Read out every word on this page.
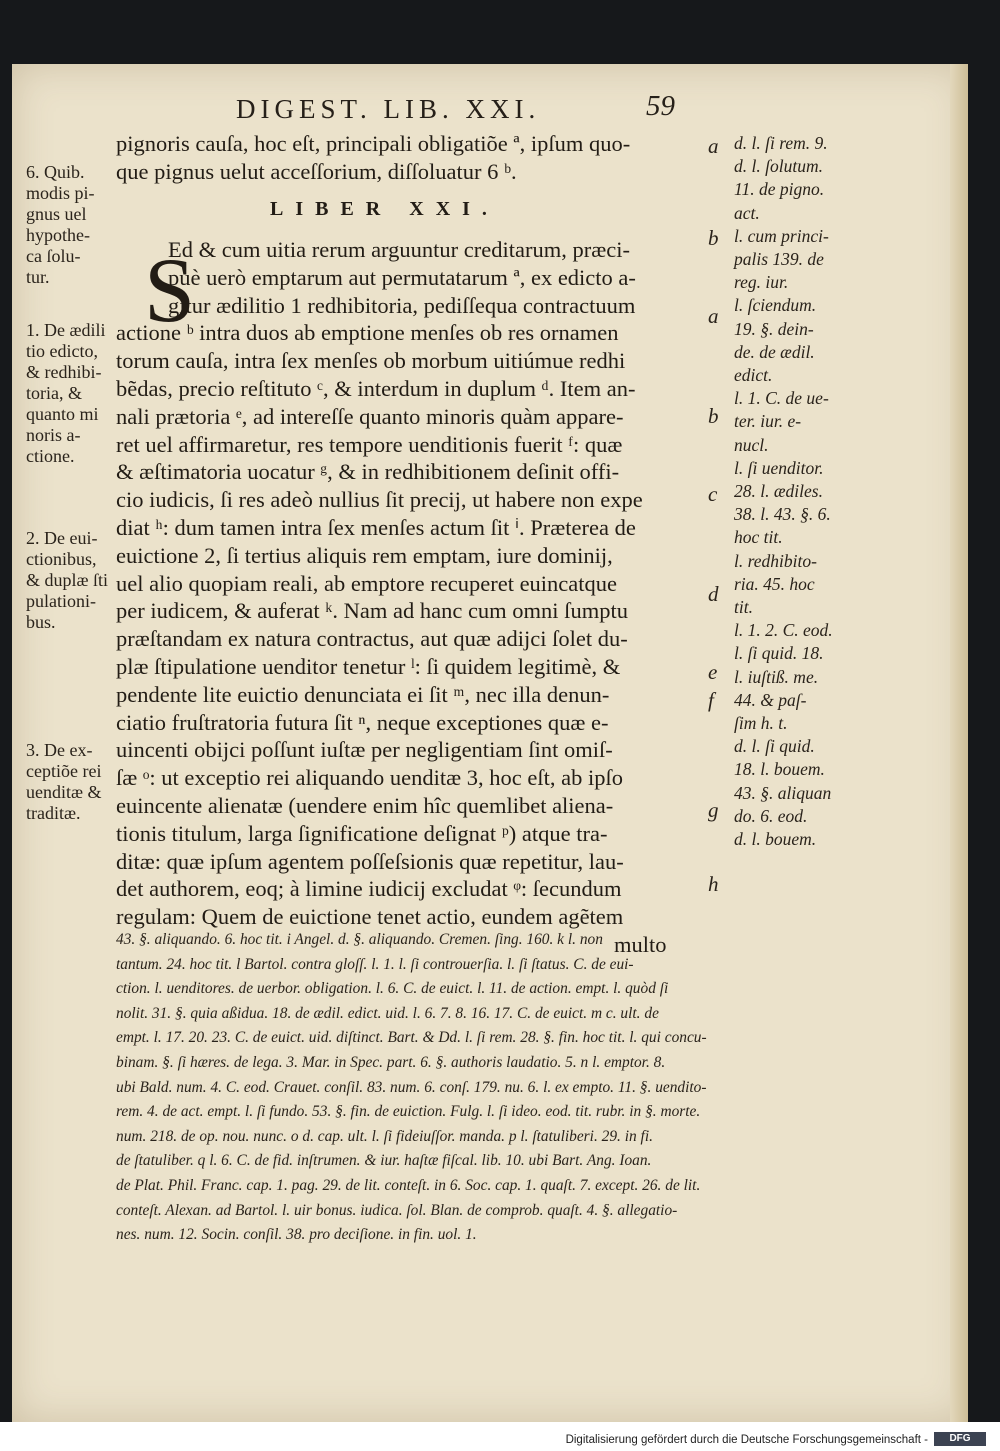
DIGEST. LIB. XXI.	59
pignoris cauſa, hoc eſt, principali obligatiõe ª, ipſum quo-
que pignus uelut acceſſorium, diſſoluatur 6 ᵇ.
LIBER XXI.
S
Ed & cum uitia rerum arguuntur creditarum, præci-
puè uerò emptarum aut permutatarum ª, ex edicto a-
gitur ædilitio 1 redhibitoria, pediſſequa contractuum
actione ᵇ intra duos ab emptione menſes ob res ornamen
torum cauſa, intra ſex menſes ob morbum uitiúmue redhi
bẽdas, precio reſtituto ᶜ, & interdum in duplum ᵈ. Item an-
nali prætoria ᵉ, ad intereſſe quanto minoris quàm appare-
ret uel affirmaretur, res tempore uenditionis fuerit ᶠ: quæ
& æſtimatoria uocatur ᵍ, & in redhibitionem deſinit offi-
cio iudicis, ſi res adeò nullius ſit precij, ut habere non expe
diat ʰ: dum tamen intra ſex menſes actum ſit ⁱ. Præterea de
euictione 2, ſi tertius aliquis rem emptam, iure dominij,
uel alio quopiam reali, ab emptore recuperet euincatque
per iudicem, & auferat ᵏ. Nam ad hanc cum omni ſumptu
præſtandam ex natura contractus, aut quæ adijci ſolet du-
plæ ſtipulatione uenditor tenetur ˡ: ſi quidem legitimè, &
pendente lite euictio denunciata ei ſit ᵐ, nec illa denun-
ciatio fruſtratoria futura ſit ⁿ, neque exceptiones quæ e-
uincenti obijci poſſunt iuſtæ per negligentiam ſint omiſ-
ſæ ᵒ: ut exceptio rei aliquando uenditæ 3, hoc eſt, ab ipſo
euincente alienatæ (uendere enim hîc quemlibet aliena-
tionis titulum, larga ſignificatione deſignat ᵖ) atque tra-
ditæ: quæ ipſum agentem poſſeſsionis quæ repetitur, lau-
det authorem, eoq; à limine iudicij excludat ᵠ: ſecundum
regulam: Quem de euictione tenet actio, eundem agẽtem
multo
6. Quib.
modis pi-
gnus uel
hypothe-
ca ſolu-
tur.
1. De ædili
tio edicto,
& redhibi-
toria, &
quanto mi
noris a-
ctione.
2. De eui-
ctionibus,
& duplæ ſti
pulationi-
bus.
3. De ex-
ceptiõe rei
uenditæ &
traditæ.
a
b
a
b
c
d
e
f
g
h
d. l. ſi rem. 9.
d. l. ſolutum.
11. de pigno.
act.
l. cum princi-
palis 139. de
reg. iur.
l. ſciendum.
19. §. dein-
de. de ædil.
edict.
l. 1. C. de ue-
ter. iur. e-
nucl.
l. ſi uenditor.
28. l. ædiles.
38. l. 43. §. 6.
hoc tit.
l. redhibito-
ria. 45. hoc
tit.
l. 1. 2. C. eod.
l. ſi quid. 18.
l. iuſtiß. me.
44. & paſ-
ſim h. t.
d. l. ſi quid.
18. l. bouem.
43. §. aliquan
do. 6. eod.
d. l. bouem.
43. §. aliquando. 6. hoc tit. i Angel. d. §. aliquando. Cremen. ſing. 160. k l. non
tantum. 24. hoc tit. l Bartol. contra gloſſ. l. 1. l. ſi controuerſia. l. ſi ſtatus. C. de eui-
ction. l. uenditores. de uerbor. obligation. l. 6. C. de euict. l. 11. de action. empt. l. quòd ſi
nolit. 31. §. quia aßidua. 18. de ædil. edict. uid. l. 6. 7. 8. 16. 17. C. de euict. m c. ult. de
empt. l. 17. 20. 23. C. de euict. uid. diſtinct. Bart. & Dd. l. ſi rem. 28. §. fin. hoc tit. l. qui concu-
binam. §. ſi hæres. de lega. 3. Mar. in Spec. part. 6. §. authoris laudatio. 5. n l. emptor. 8.
ubi Bald. num. 4. C. eod. Crauet. conſil. 83. num. 6. conſ. 179. nu. 6. l. ex empto. 11. §. uendito-
rem. 4. de act. empt. l. ſi fundo. 53. §. fin. de euiction. Fulg. l. ſi ideo. eod. tit. rubr. in §. morte.
num. 218. de op. nou. nunc. o d. cap. ult. l. ſi fideiuſſor. manda. p l. ſtatuliberi. 29. in fi.
de ſtatuliber. q l. 6. C. de fid. inſtrumen. & iur. haſtæ fiſcal. lib. 10. ubi Bart. Ang. Ioan.
de Plat. Phil. Franc. cap. 1. pag. 29. de lit. conteſt. in 6. Soc. cap. 1. quaſt. 7. except. 26. de lit.
conteſt. Alexan. ad Bartol. l. uir bonus. iudica. ſol. Blan. de comprob. quaſt. 4. §. allegatio-
nes. num. 12. Socin. conſil. 38. pro deciſione. in fin. uol. 1.
Digitalisierung gefördert durch die Deutsche Forschungsgemeinschaft -	DFG
